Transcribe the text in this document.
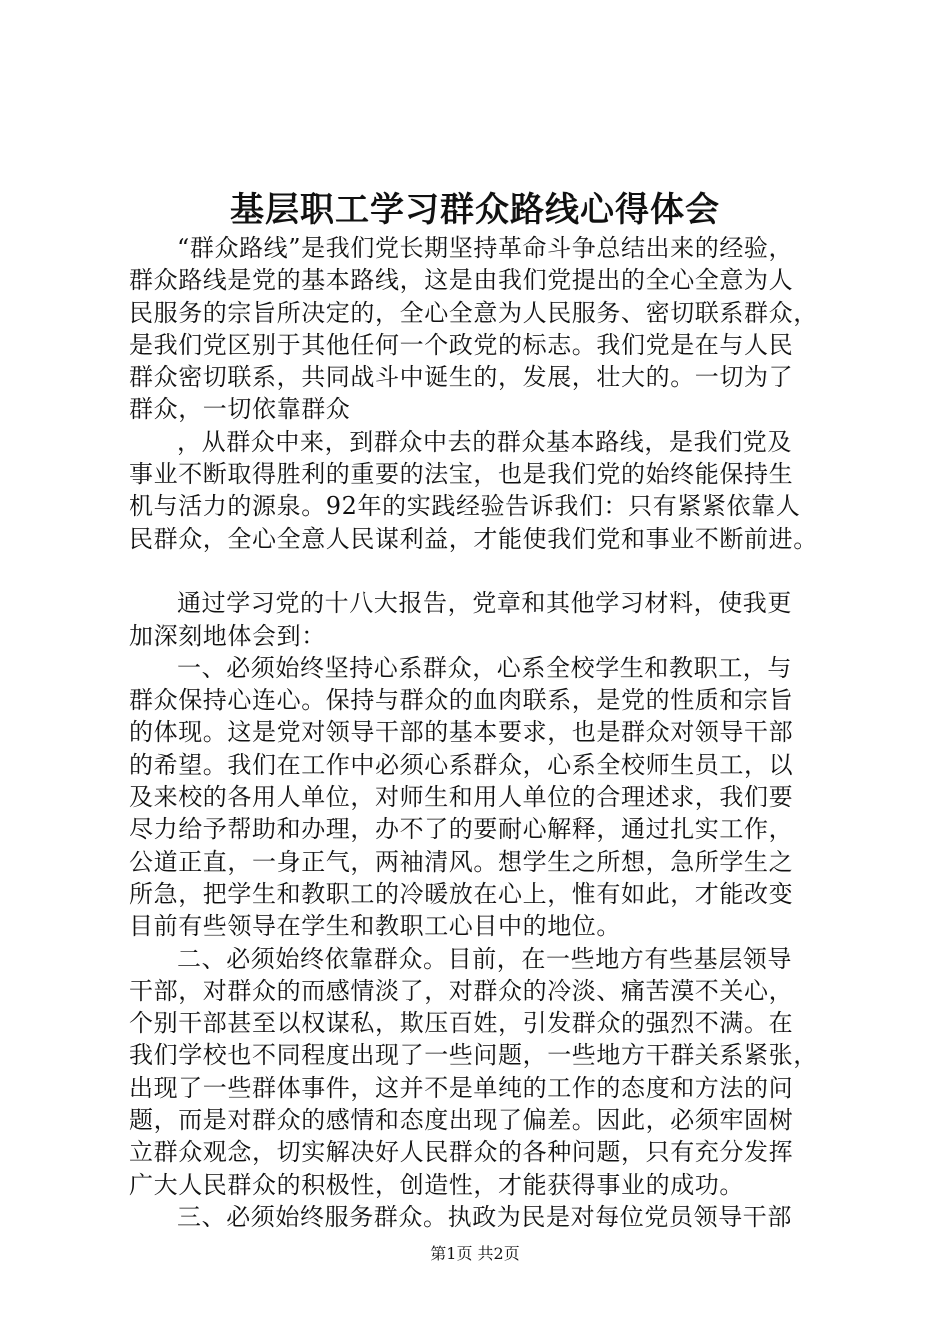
基层职工学习群众路线心得体会
“群众路线”是我们党长期坚持革命斗争总结出来的经验，
群众路线是党的基本路线，这是由我们党提出的全心全意为人
民服务的宗旨所决定的，全心全意为人民服务、密切联系群众，
是我们党区别于其他任何一个政党的标志。我们党是在与人民
群众密切联系，共同战斗中诞生的，发展，壮大的。一切为了
群众，一切依靠群众
，从群众中来，到群众中去的群众基本路线，是我们党及
事业不断取得胜利的重要的法宝，也是我们党的始终能保持生
机与活力的源泉。92年的实践经验告诉我们：只有紧紧依靠人
民群众，全心全意人民谋利益，才能使我们党和事业不断前进。
通过学习党的十八大报告，党章和其他学习材料，使我更
加深刻地体会到：
一、必须始终坚持心系群众，心系全校学生和教职工，与
群众保持心连心。保持与群众的血肉联系，是党的性质和宗旨
的体现。这是党对领导干部的基本要求，也是群众对领导干部
的希望。我们在工作中必须心系群众，心系全校师生员工，以
及来校的各用人单位，对师生和用人单位的合理述求，我们要
尽力给予帮助和办理，办不了的要耐心解释，通过扎实工作，
公道正直，一身正气，两袖清风。想学生之所想，急所学生之
所急，把学生和教职工的冷暖放在心上，惟有如此，才能改变
目前有些领导在学生和教职工心目中的地位。
二、必须始终依靠群众。目前，在一些地方有些基层领导
干部，对群众的而感情淡了，对群众的冷淡、痛苦漠不关心，
个别干部甚至以权谋私，欺压百姓，引发群众的强烈不满。在
我们学校也不同程度出现了一些问题，一些地方干群关系紧张，
出现了一些群体事件，这并不是单纯的工作的态度和方法的问
题，而是对群众的感情和态度出现了偏差。因此，必须牢固树
立群众观念，切实解决好人民群众的各种问题，只有充分发挥
广大人民群众的积极性，创造性，才能获得事业的成功。
三、必须始终服务群众。执政为民是对每位党员领导干部
第1页 共2页
